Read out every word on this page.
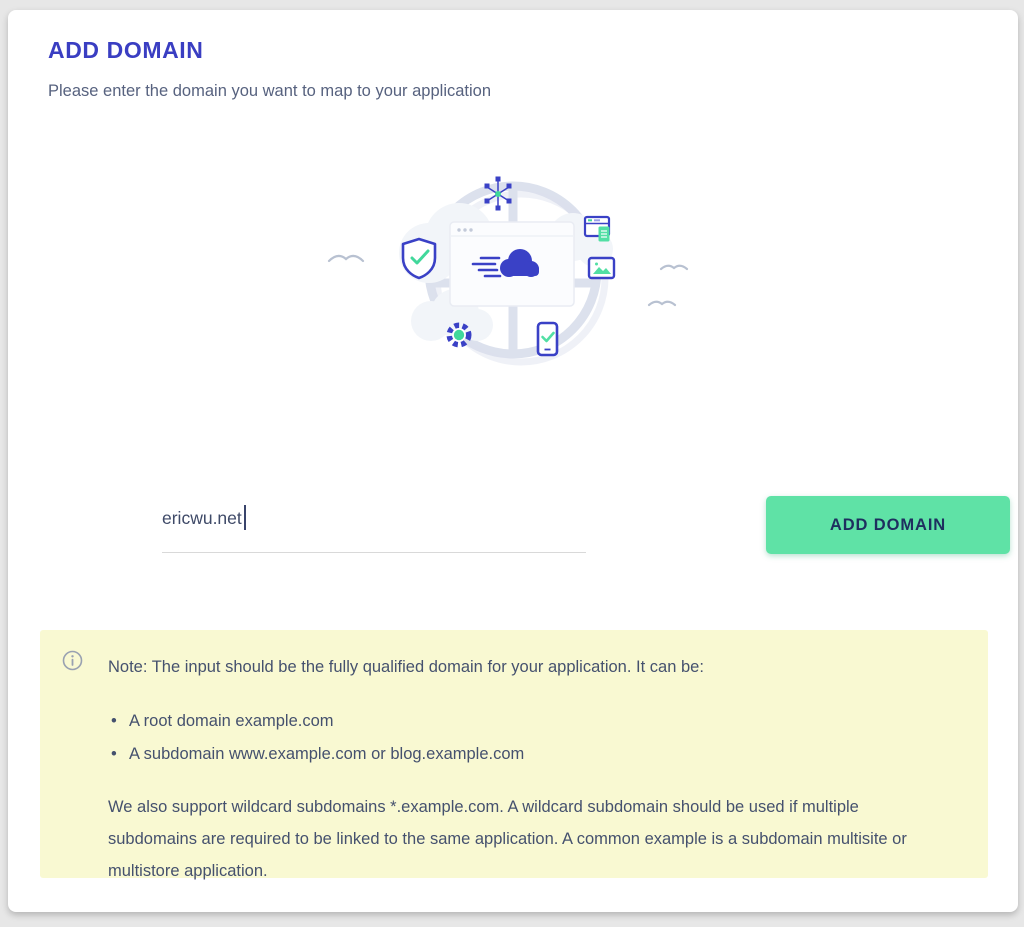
ADD DOMAIN
Please enter the domain you want to map to your application
ericwu.net
ADD DOMAIN

Note: The input should be the fully qualified domain for your application. It can be:

• A root domain example.com
• A subdomain www.example.com or blog.example.com

We also support wildcard subdomains *.example.com. A wildcard subdomain should be used if multiple subdomains are required to be linked to the same application. A common example is a subdomain multisite or multistore application.
